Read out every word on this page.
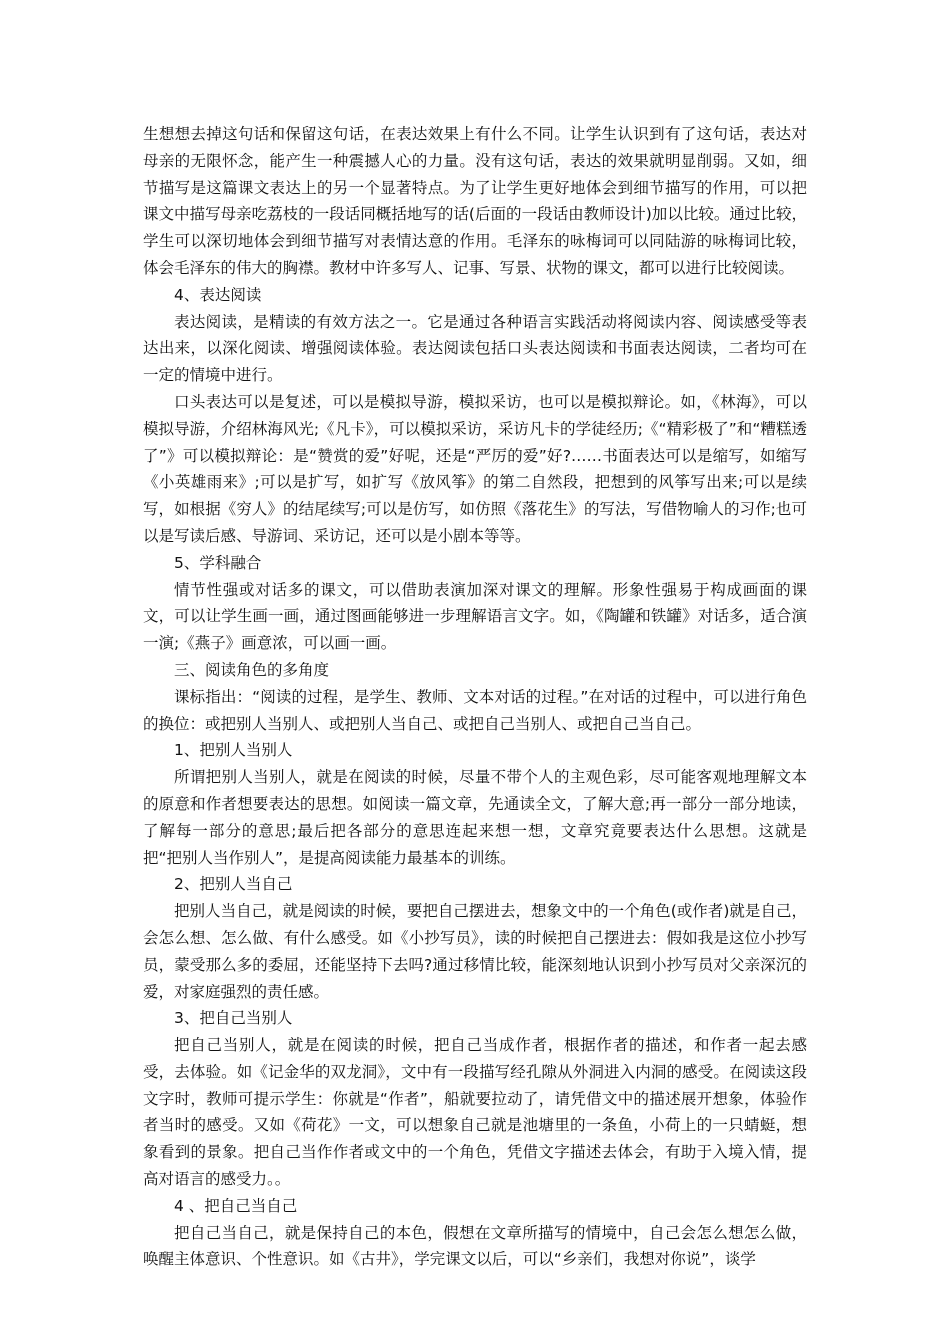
生想想去掉这句话和保留这句话，在表达效果上有什么不同。让学生认识到有了这句话，表达对母亲的无限怀念，能产生一种震撼人心的力量。没有这句话，表达的效果就明显削弱。又如，细节描写是这篇课文表达上的另一个显著特点。为了让学生更好地体会到细节描写的作用，可以把课文中描写母亲吃荔枝的一段话同概括地写的话(后面的一段话由教师设计)加以比较。通过比较，学生可以深切地体会到细节描写对表情达意的作用。毛泽东的咏梅词可以同陆游的咏梅词比较，体会毛泽东的伟大的胸襟。教材中许多写人、记事、写景、状物的课文，都可以进行比较阅读。

4、表达阅读

表达阅读，是精读的有效方法之一。它是通过各种语言实践活动将阅读内容、阅读感受等表达出来，以深化阅读、增强阅读体验。表达阅读包括口头表达阅读和书面表达阅读，二者均可在一定的情境中进行。

口头表达可以是复述，可以是模拟导游，模拟采访，也可以是模拟辩论。如，《林海》，可以模拟导游，介绍林海风光;《凡卡》，可以模拟采访，采访凡卡的学徒经历;《“精彩极了”和“糟糕透了”》可以模拟辩论：是“赞赏的爱”好呢，还是“严厉的爱”好?……书面表达可以是缩写，如缩写《小英雄雨来》;可以是扩写，如扩写《放风筝》的第二自然段，把想到的风筝写出来;可以是续写，如根据《穷人》的结尾续写;可以是仿写，如仿照《落花生》的写法，写借物喻人的习作;也可以是写读后感、导游词、采访记，还可以是小剧本等等。

5、学科融合

情节性强或对话多的课文，可以借助表演加深对课文的理解。形象性强易于构成画面的课文，可以让学生画一画，通过图画能够进一步理解语言文字。如，《陶罐和铁罐》对话多，适合演一演;《燕子》画意浓，可以画一画。

三、阅读角色的多角度

课标指出：“阅读的过程，是学生、教师、文本对话的过程。”在对话的过程中，可以进行角色的换位：或把别人当别人、或把别人当自己、或把自己当别人、或把自己当自己。

1、把别人当别人

所谓把别人当别人，就是在阅读的时候，尽量不带个人的主观色彩，尽可能客观地理解文本的原意和作者想要表达的思想。如阅读一篇文章，先通读全文，了解大意;再一部分一部分地读，了解每一部分的意思;最后把各部分的意思连起来想一想，文章究竟要表达什么思想。这就是把“把别人当作别人”，是提高阅读能力最基本的训练。

2、把别人当自己

把别人当自己，就是阅读的时候，要把自己摆进去，想象文中的一个角色(或作者)就是自己，会怎么想、怎么做、有什么感受。如《小抄写员》，读的时候把自己摆进去：假如我是这位小抄写员，蒙受那么多的委屈，还能坚持下去吗?通过移情比较，能深刻地认识到小抄写员对父亲深沉的爱，对家庭强烈的责任感。

3、把自己当别人

把自己当别人，就是在阅读的时候，把自己当成作者，根据作者的描述，和作者一起去感受，去体验。如《记金华的双龙洞》，文中有一段描写经孔隙从外洞进入内洞的感受。在阅读这段文字时，教师可提示学生：你就是“作者”，船就要拉动了，请凭借文中的描述展开想象，体验作者当时的感受。又如《荷花》一文，可以想象自己就是池塘里的一条鱼，小荷上的一只蜻蜓，想象看到的景象。把自己当作作者或文中的一个角色，凭借文字描述去体会，有助于入境入情，提高对语言的感受力。。

4 、把自己当自己

把自己当自己，就是保持自己的本色，假想在文章所描写的情境中，自己会怎么想怎么做，唤醒主体意识、个性意识。如《古井》，学完课文以后，可以“乡亲们，我想对你说”，谈学
